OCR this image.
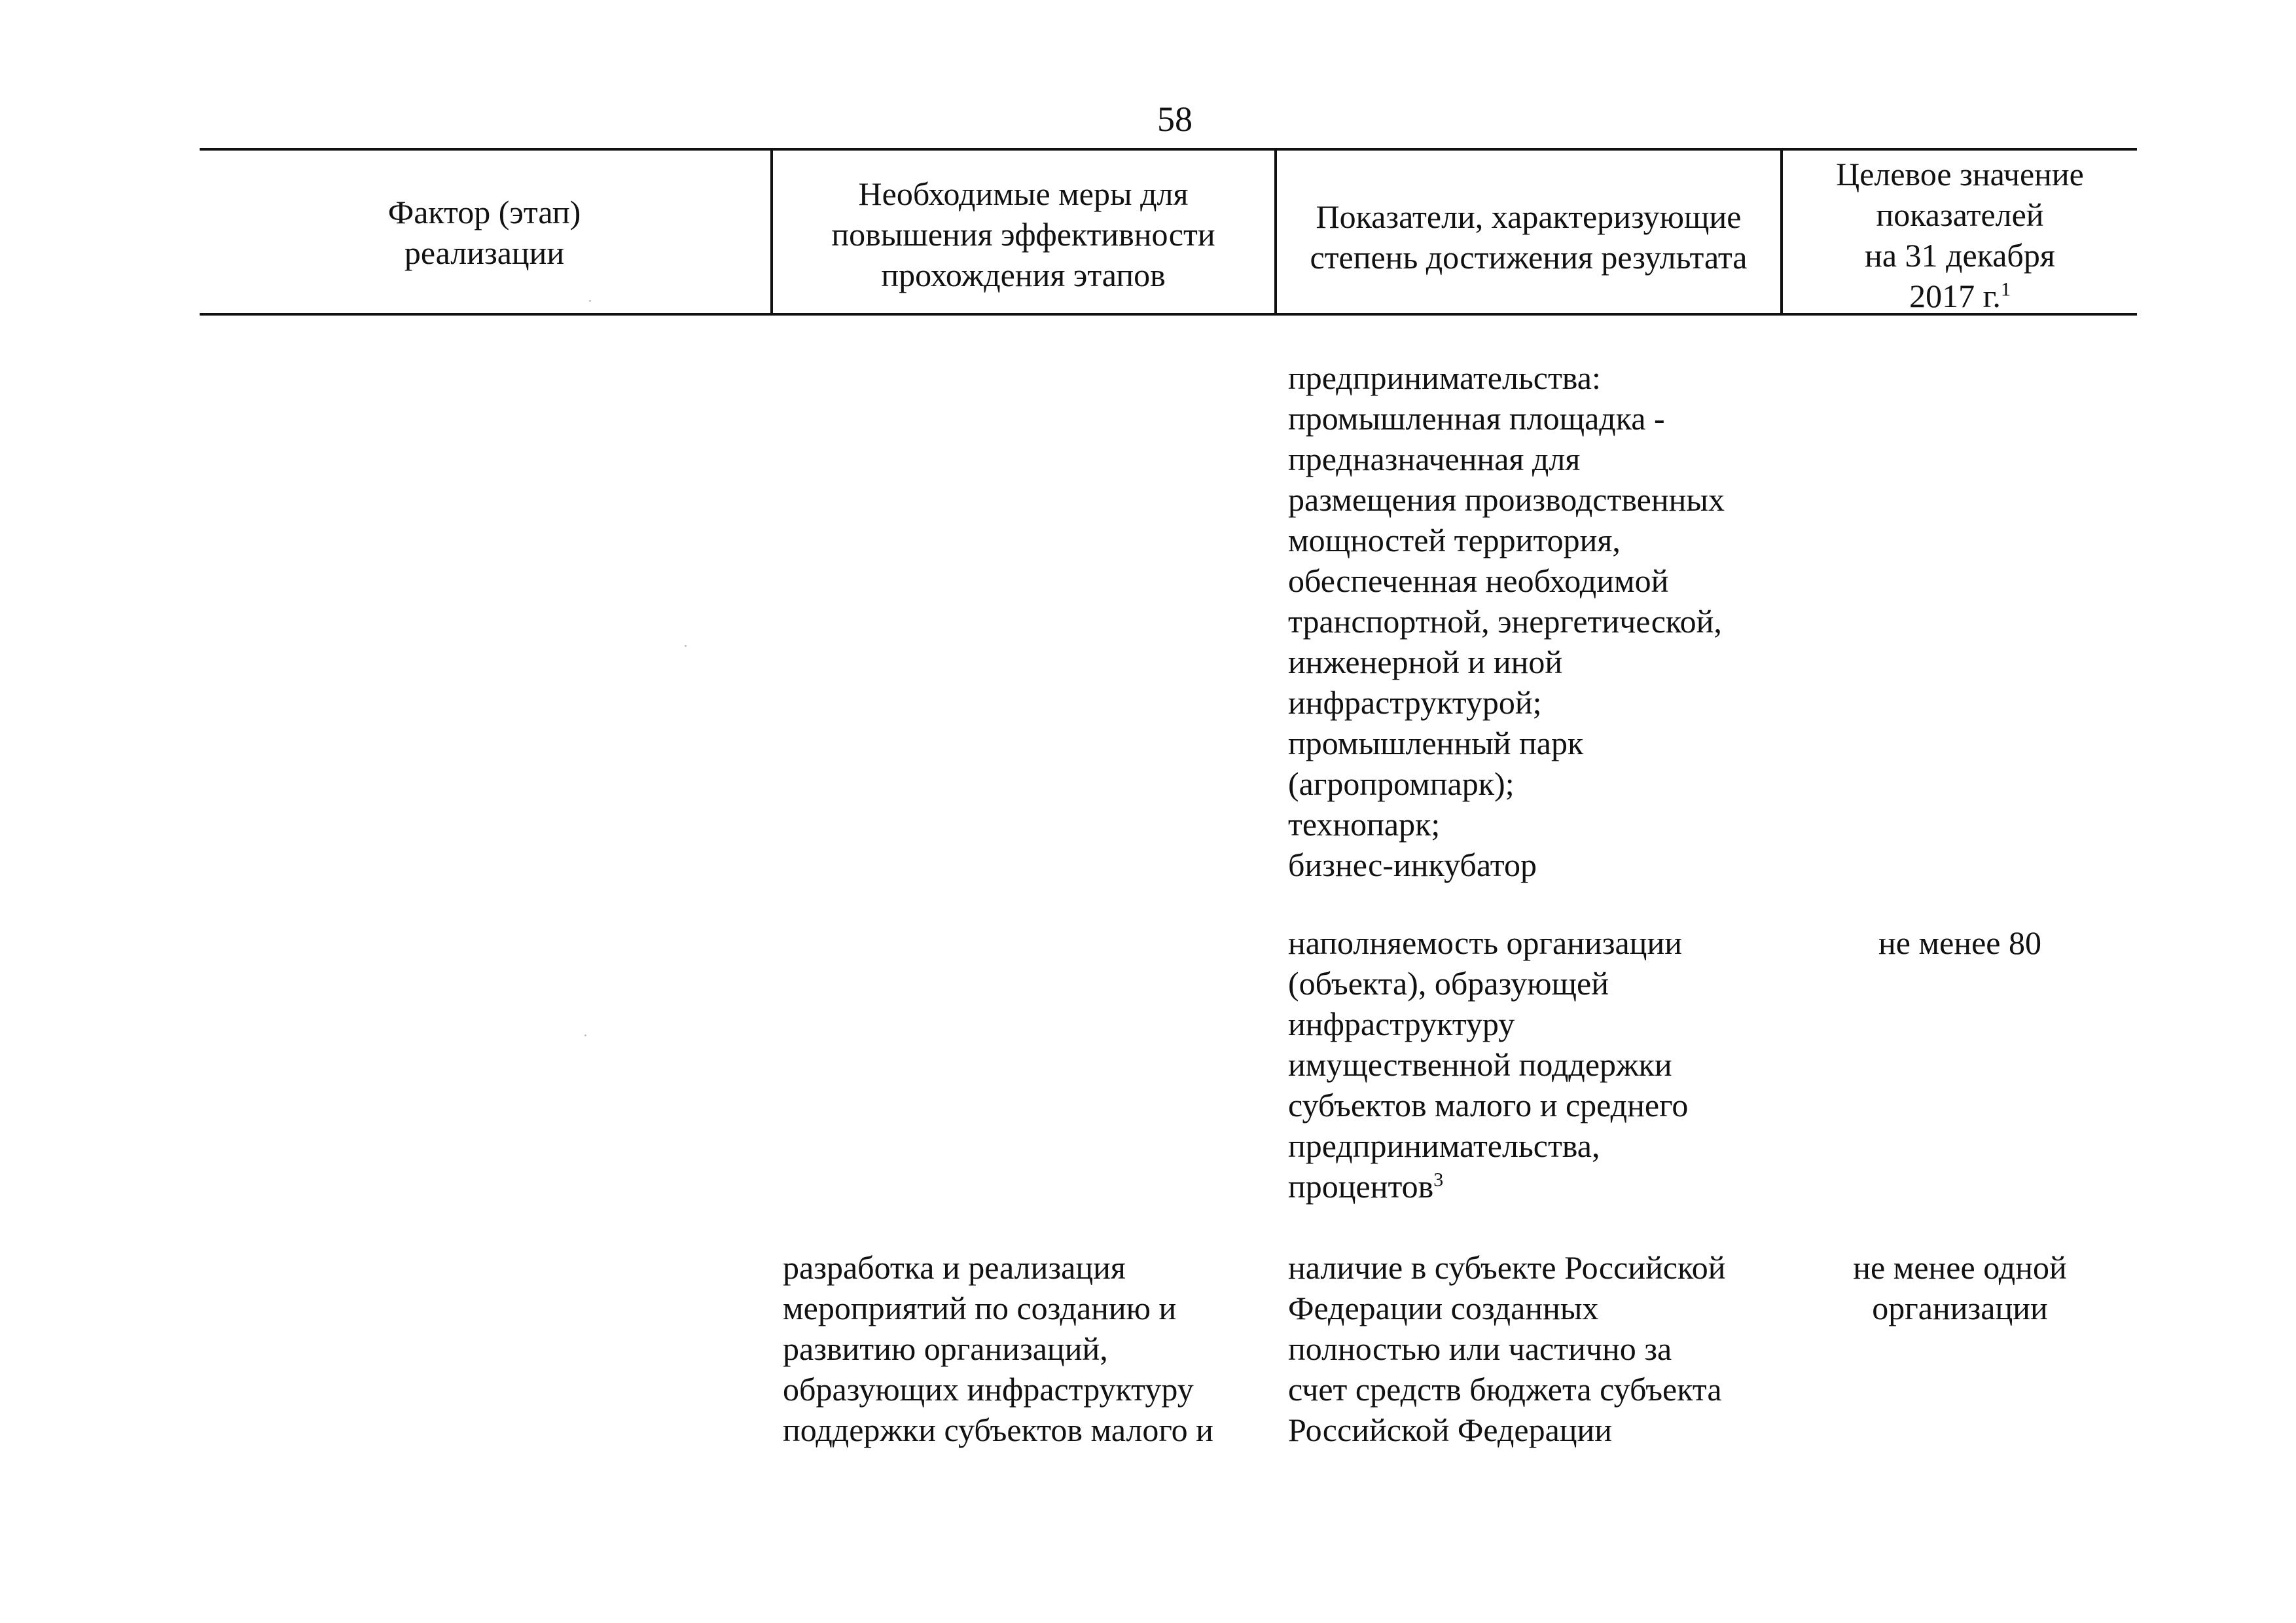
58
Фактор (этап)
реализации
Необходимые меры для
повышения эффективности
прохождения этапов
Показатели, характеризующие
степень достижения результата
Целевое значение
показателей
на 31 декабря
2017 г.$^1$
предпринимательства:
промышленная площадка -
предназначенная для
размещения производственных
мощностей территория,
обеспеченная необходимой
транспортной, энергетической,
инженерной и иной
инфраструктурой;
промышленный парк
(агропромпарк);
технопарк;
бизнес-инкубатор
наполняемость организации
(объекта), образующей
инфраструктуру
имущественной поддержки
субъектов малого и среднего
предпринимательства,
процентов$^3$
не менее 80
разработка и реализация
мероприятий по созданию и
развитию организаций,
образующих инфраструктуру
поддержки субъектов малого и
наличие в субъекте Российской
Федерации созданных
полностью или частично за
счет средств бюджета субъекта
Российской Федерации
не менее одной
организации
